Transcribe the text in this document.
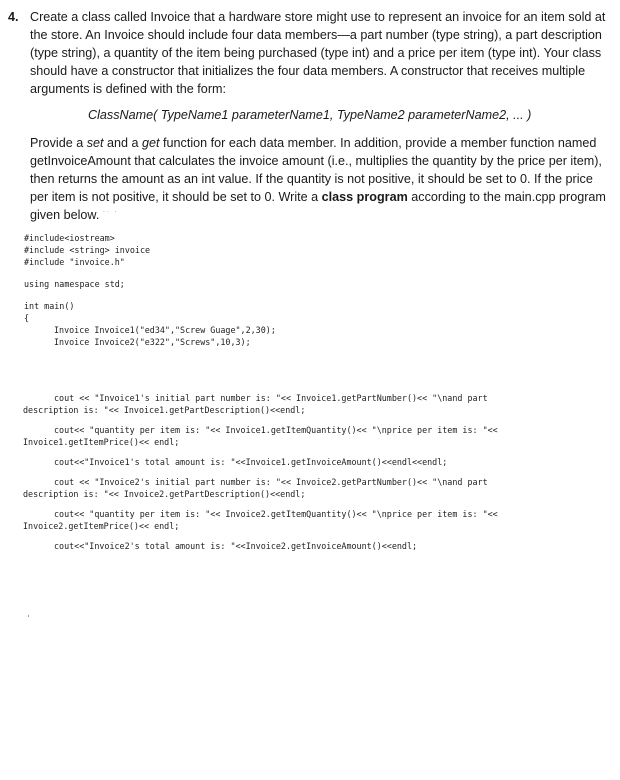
4. Create a class called Invoice that a hardware store might use to represent an invoice for an item sold at the store. An Invoice should include four data members—a part number (type string), a part description (type string), a quantity of the item being purchased (type int) and a price per item (type int). Your class should have a constructor that initializes the four data members. A constructor that receives multiple arguments is defined with the form:

ClassName( TypeName1 parameterName1, TypeName2 parameterName2, ... )

Provide a set and a get function for each data member. In addition, provide a member function named getInvoiceAmount that calculates the invoice amount (i.e., multiplies the quantity by the price per item), then returns the amount as an int value. If the quantity is not positive, it should be set to 0. If the price per item is not positive, it should be set to 0. Write a class program according to the main.cpp program given below. ˙˙ ˙

#include<iostream>
#include <string> invoice
#include "invoice.h"
using namespace std;
int main()
{
Invoice Invoice1("ed34","Screw Guage",2,30);
Invoice Invoice2("e322","Screws",10,3);
cout << "Invoice1's initial part number is: "<< Invoice1.getPartNumber()<< "\nand part
description is: "<< Invoice1.getPartDescription()<<endl;
cout<< "quantity per item is: "<< Invoice1.getItemQuantity()<< "\nprice per item is: "<<
Invoice1.getItemPrice()<< endl;
cout<<"Invoice1's total amount is: "<<Invoice1.getInvoiceAmount()<<endl<<endl;
cout << "Invoice2's initial part number is: "<< Invoice2.getPartNumber()<< "\nand part
description is: "<< Invoice2.getPartDescription()<<endl;
cout<< "quantity per item is: "<< Invoice2.getItemQuantity()<< "\nprice per item is: "<<
Invoice2.getItemPrice()<< endl;
cout<<"Invoice2's total amount is: "<<Invoice2.getInvoiceAmount()<<endl;
ˌ
